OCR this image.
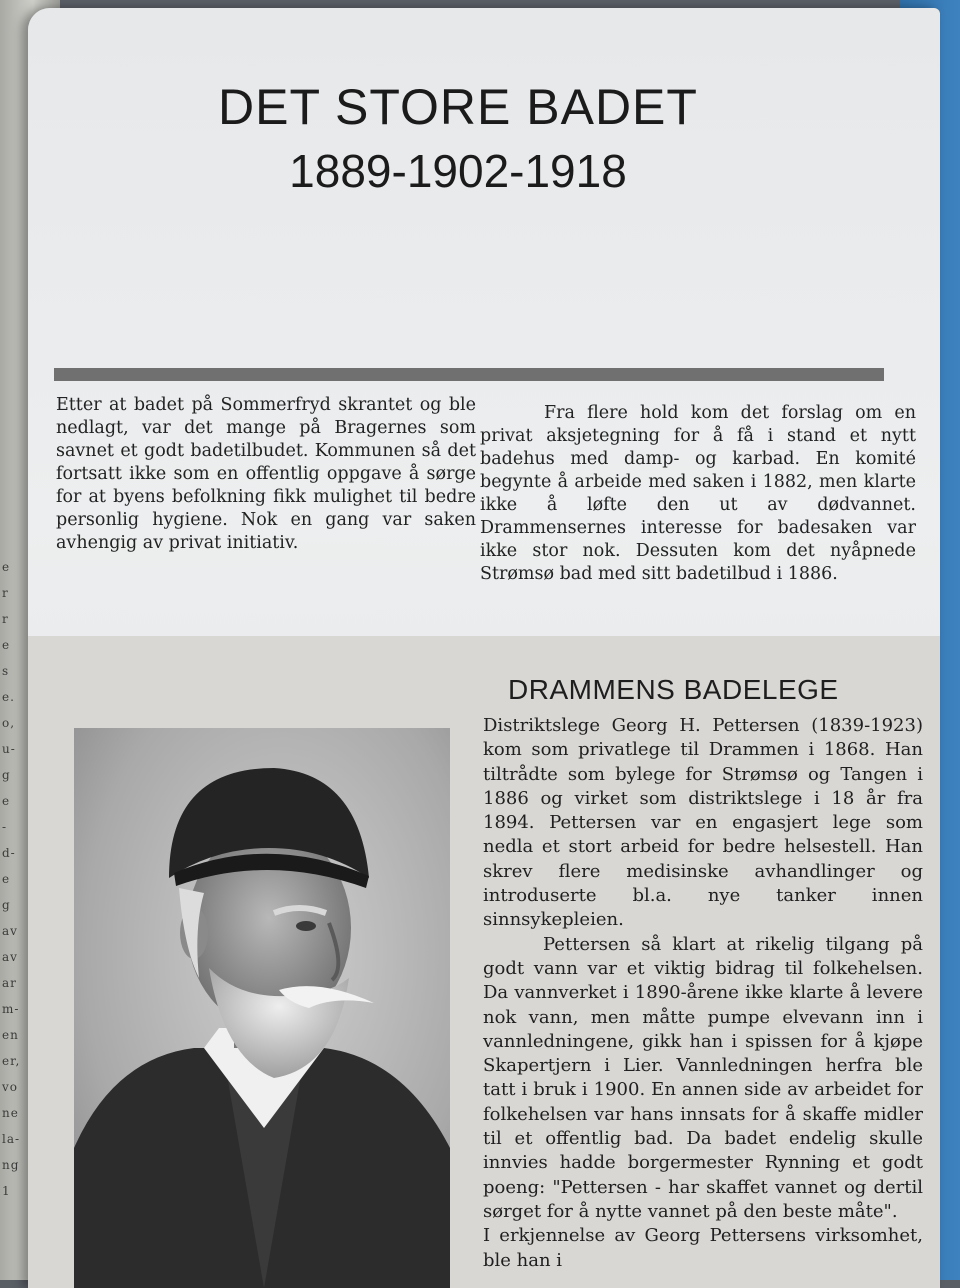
e
r
r
e
s
e.
o,
u-
g
e
-
d-
e
g
av
av
ar
m-
en
er,
vo
ne
la-
ng
1
DET STORE BADET
1889-1902-1918

Etter at badet på Sommerfryd skrantet og ble nedlagt, var det mange på Bragernes som savnet et godt badetilbudet. Kommunen så det fortsatt ikke som en offentlig oppgave å sørge for at byens befolkning fikk mulighet til bedre personlig hygiene. Nok en gang var saken avhengig av privat initiativ.

Fra flere hold kom det forslag om en privat aksjetegning for å få i stand et nytt badehus med damp- og karbad. En komité begynte å arbeide med saken i 1882, men klarte ikke å løfte den ut av dødvannet. Drammensernes interesse for badesaken var ikke stor nok. Dessuten kom det nyåpnede Strømsø bad med sitt badetilbud i 1886.

DRAMMENS BADELEGE

Distriktslege Georg H. Pettersen (1839-1923) kom som privatlege til Drammen i 1868. Han tiltrådte som bylege for Strømsø og Tangen i 1886 og virket som distriktslege i 18 år fra 1894. Pettersen var en engasjert lege som nedla et stort arbeid for bedre helsestell. Han skrev flere medisinske avhandlinger og introduserte bl.a. nye tanker innen sinnsykepleien.

Pettersen så klart at rikelig tilgang på godt vann var et viktig bidrag til folkehelsen. Da vannverket i 1890-årene ikke klarte å levere nok vann, men måtte pumpe elvevann inn i vannledningene, gikk han i spissen for å kjøpe Skapertjern i Lier. Vannledningen herfra ble tatt i bruk i 1900. En annen side av arbeidet for folkehelsen var hans innsats for å skaffe midler til et offentlig bad. Da badet endelig skulle innvies hadde borgermester Rynning et godt poeng: "Pettersen - har skaffet vannet og dertil sørget for å nytte vannet på den beste måte".

I erkjennelse av Georg Pettersens virksomhet, ble han i
